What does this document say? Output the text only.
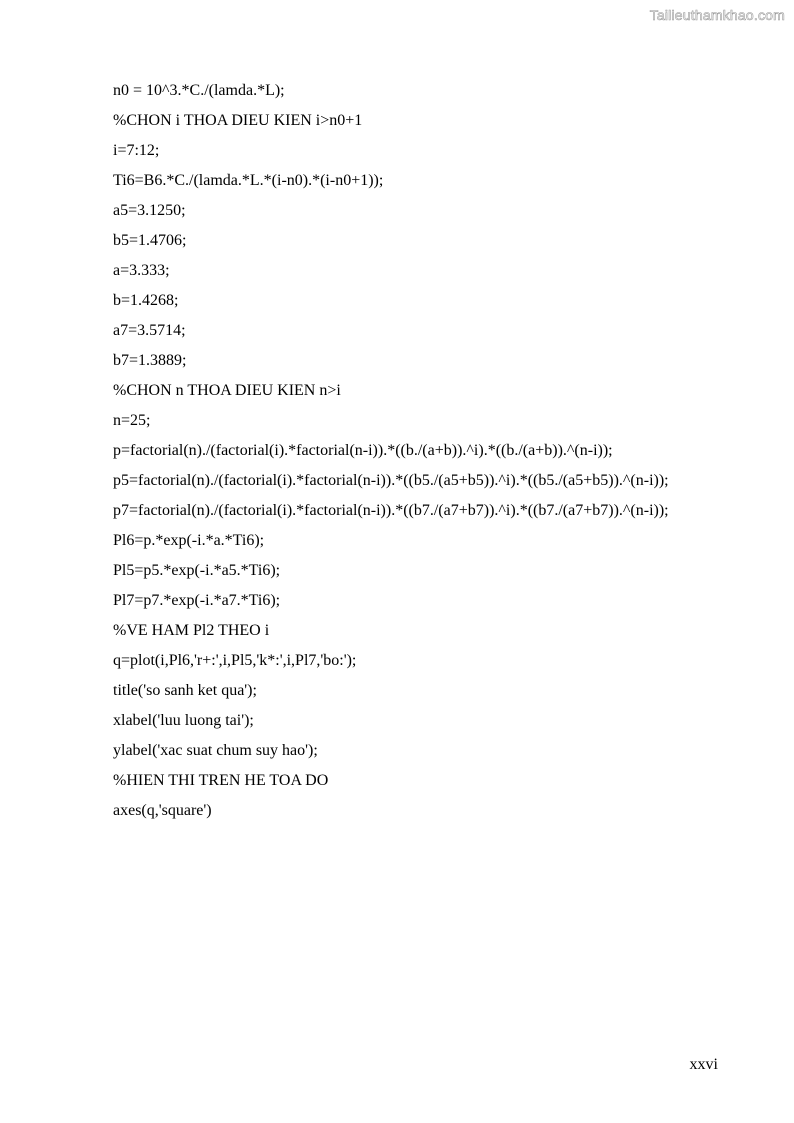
Tailieuthamkhao.com
n0 = 10^3.*C./(lamda.*L);
%CHON i THOA DIEU KIEN i>n0+1
i=7:12;
Ti6=B6.*C./(lamda.*L.*(i-n0).*(i-n0+1));
a5=3.1250;
b5=1.4706;
a=3.333;
b=1.4268;
a7=3.5714;
b7=1.3889;
%CHON n THOA DIEU KIEN n>i
n=25;
p=factorial(n)./(factorial(i).*factorial(n-i)).*((b./(a+b)).^i).*((b./(a+b)).^(n-i));
p5=factorial(n)./(factorial(i).*factorial(n-i)).*((b5./(a5+b5)).^i).*((b5./(a5+b5)).^(n-i));
p7=factorial(n)./(factorial(i).*factorial(n-i)).*((b7./(a7+b7)).^i).*((b7./(a7+b7)).^(n-i));
Pl6=p.*exp(-i.*a.*Ti6);
Pl5=p5.*exp(-i.*a5.*Ti6);
Pl7=p7.*exp(-i.*a7.*Ti6);
%VE HAM Pl2 THEO i
q=plot(i,Pl6,'r+:',i,Pl5,'k*:',i,Pl7,'bo:');
title('so sanh ket qua');
xlabel('luu luong tai');
ylabel('xac suat chum suy hao');
%HIEN THI TREN HE TOA DO
axes(q,'square')
xxvi
